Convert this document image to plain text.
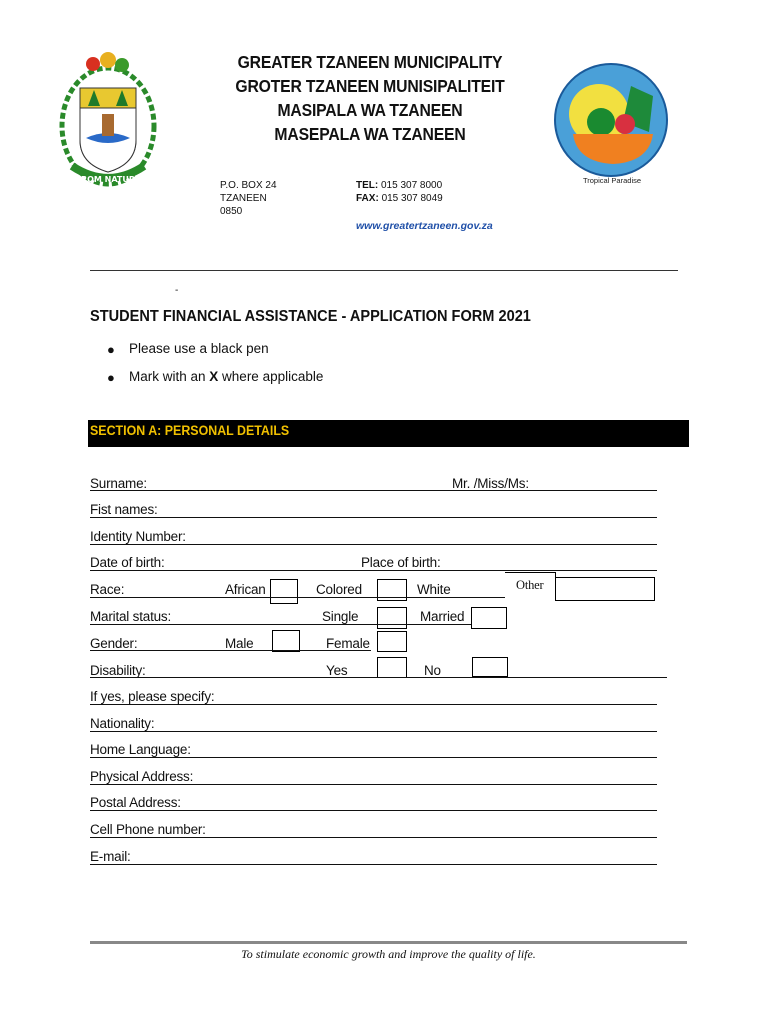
FROM NATURE	Tropical Paradise
GREATER TZANEEN MUNICIPALITY
GROTER TZANEEN MUNISIPALITEIT
MASIPALA WA TZANEEN
MASEPALA WA TZANEEN
P.O. BOX 24
TZANEEN
0850
TEL: 015 307 8000
FAX: 015 307 8049
www.greatertzaneen.gov.za
-
STUDENT FINANCIAL ASSISTANCE - APPLICATION FORM 2021
● Please use a black pen
● Mark with an X where applicable
SECTION A: PERSONAL DETAILS
Surname:	Mr. /Miss/Ms:
Fist names:
Identity Number:
Date of birth:	Place of birth:
Race:	African	Colored	White	Other
Marital status:	Single	Married
Gender:	Male	Female
Disability:	Yes	No
If yes, please specify:
Nationality:
Home Language:
Physical Address:
Postal Address:
Cell Phone number:
E-mail:
To stimulate economic growth and improve the quality of life.
